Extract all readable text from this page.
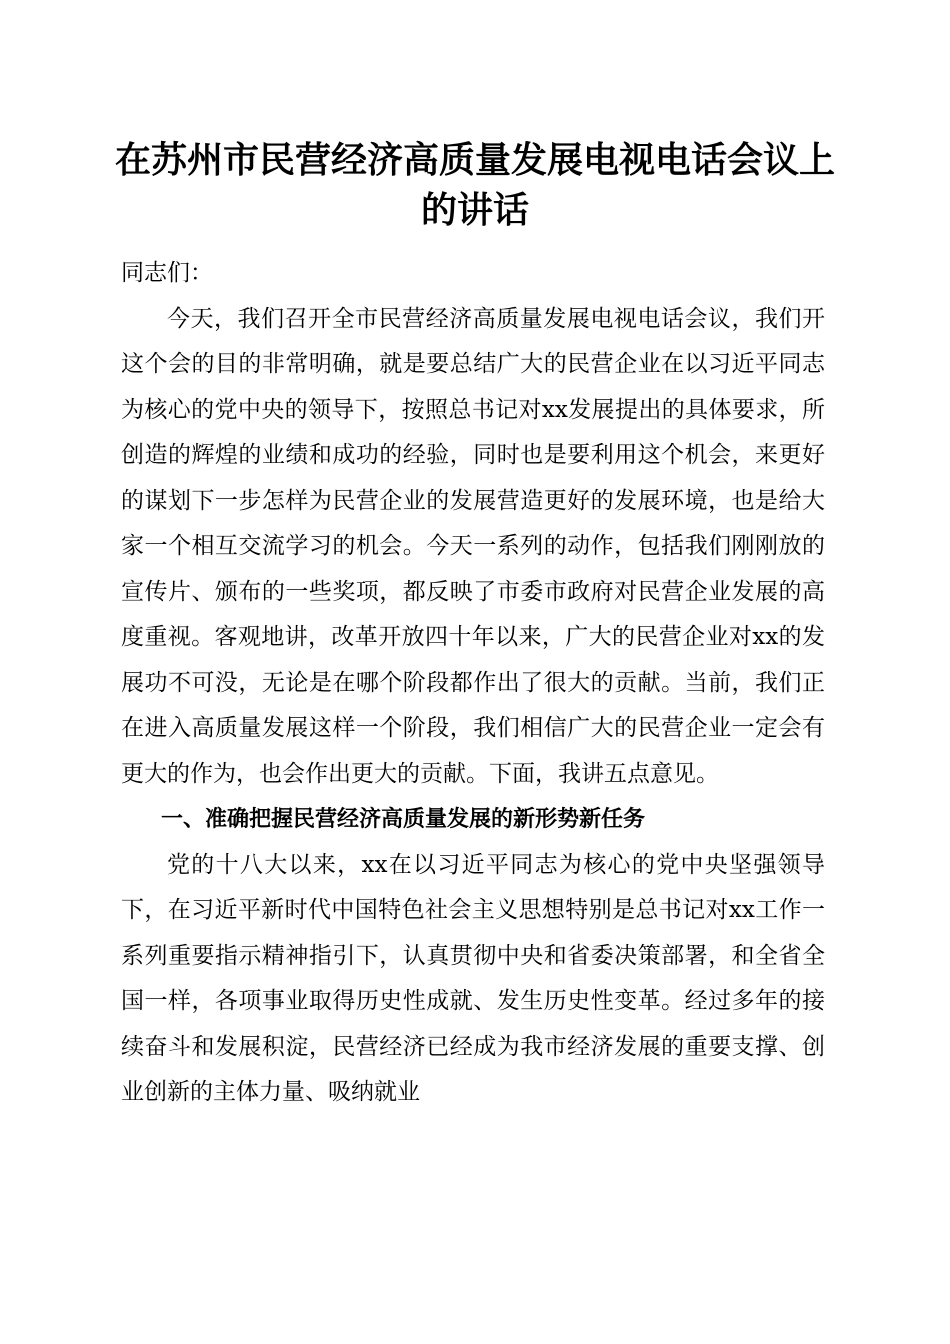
在苏州市民营经济高质量发展电视电话会议上的讲话

同志们：

今天，我们召开全市民营经济高质量发展电视电话会议，我们开这个会的目的非常明确，就是要总结广大的民营企业在以习近平同志为核心的党中央的领导下，按照总书记对xx发展提出的具体要求，所创造的辉煌的业绩和成功的经验，同时也是要利用这个机会，来更好的谋划下一步怎样为民营企业的发展营造更好的发展环境，也是给大家一个相互交流学习的机会。今天一系列的动作，包括我们刚刚放的宣传片、颁布的一些奖项，都反映了市委市政府对民营企业发展的高度重视。客观地讲，改革开放四十年以来，广大的民营企业对xx的发展功不可没，无论是在哪个阶段都作出了很大的贡献。当前，我们正在进入高质量发展这样一个阶段，我们相信广大的民营企业一定会有更大的作为，也会作出更大的贡献。下面，我讲五点意见。

一、准确把握民营经济高质量发展的新形势新任务

党的十八大以来，xx在以习近平同志为核心的党中央坚强领导下，在习近平新时代中国特色社会主义思想特别是总书记对xx工作一系列重要指示精神指引下，认真贯彻中央和省委决策部署，和全省全国一样，各项事业取得历史性成就、发生历史性变革。经过多年的接续奋斗和发展积淀，民营经济已经成为我市经济发展的重要支撑、创业创新的主体力量、吸纳就业
